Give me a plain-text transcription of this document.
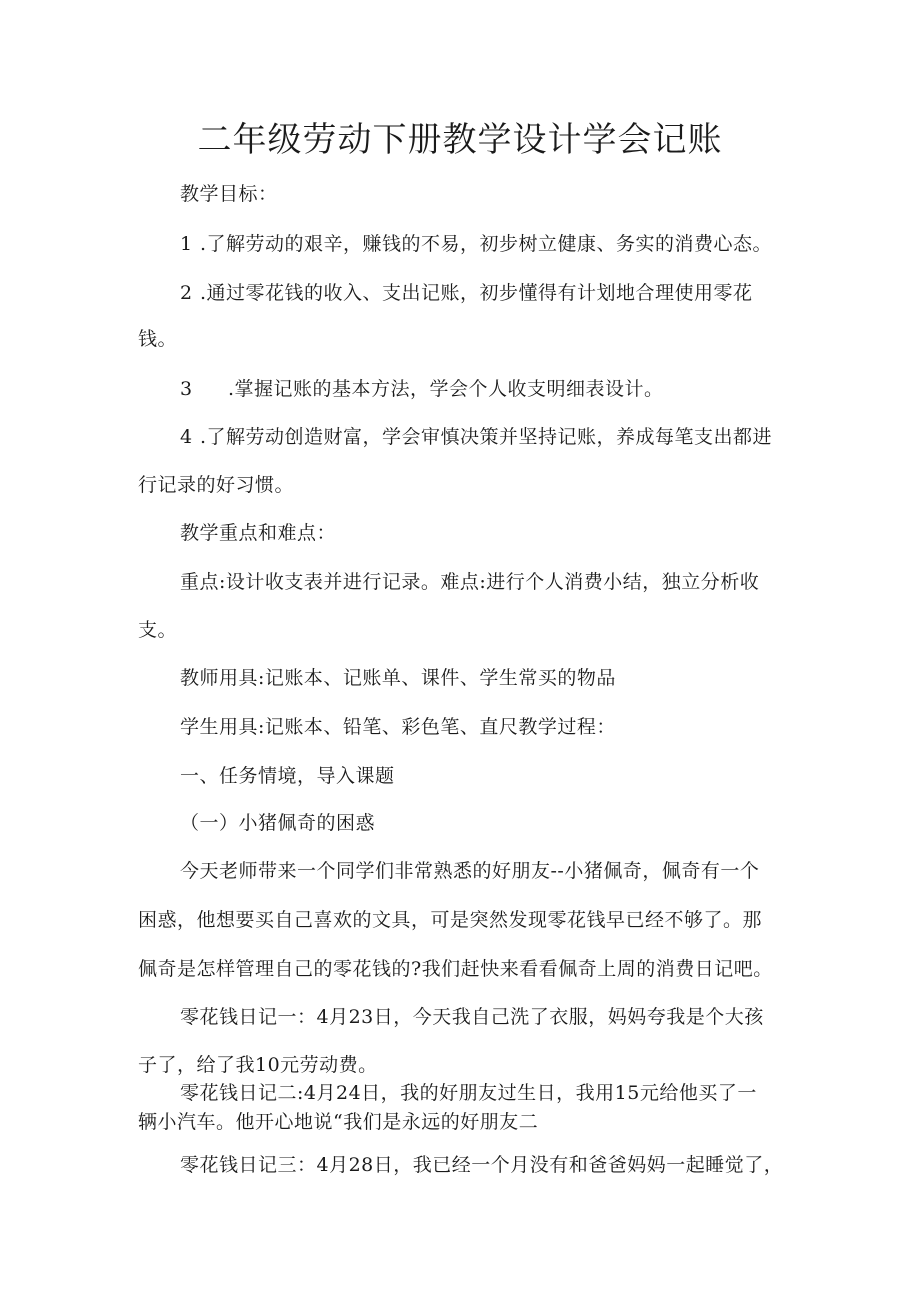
二年级劳动下册教学设计学会记账
教学目标：
1 .了解劳动的艰辛，赚钱的不易，初步树立健康、务实的消费心态。
2 .通过零花钱的收入、支出记账，初步懂得有计划地合理使用零花
钱。
3 .掌握记账的基本方法，学会个人收支明细表设计。
4 .了解劳动创造财富，学会审慎决策并坚持记账，养成每笔支出都进
行记录的好习惯。
教学重点和难点：
重点:设计收支表并进行记录。难点:进行个人消费小结，独立分析收
支。
教师用具:记账本、记账单、课件、学生常买的物品
学生用具:记账本、铅笔、彩色笔、直尺教学过程：
一、任务情境，导入课题
（一）小猪佩奇的困惑
今天老师带来一个同学们非常熟悉的好朋友--小猪佩奇，佩奇有一个
困惑，他想要买自己喜欢的文具，可是突然发现零花钱早已经不够了。那
佩奇是怎样管理自己的零花钱的?我们赶快来看看佩奇上周的消费日记吧。
零花钱日记一：4月23日，今天我自己洗了衣服，妈妈夸我是个大孩
子了，给了我10元劳动费。
零花钱日记二:4月24日，我的好朋友过生日，我用15元给他买了一
辆小汽车。他开心地说“我们是永远的好朋友二
零花钱日记三：4月28日，我已经一个月没有和爸爸妈妈一起睡觉了，
